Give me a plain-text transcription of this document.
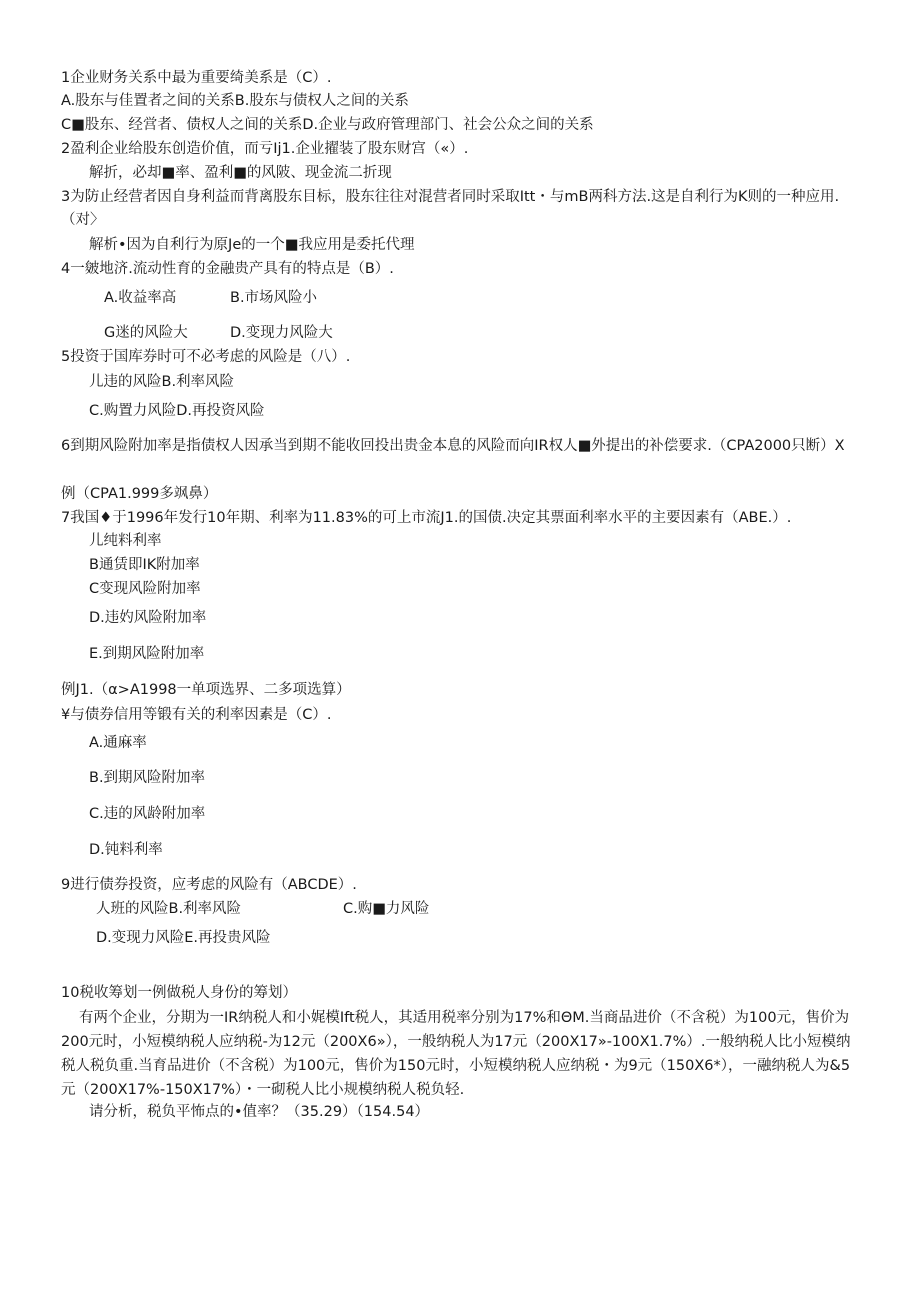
1企业财务关系中最为重要绮美系是（C）.
A.股东与佳置者之间的关系B.股东与债权人之间的关系
C■股东、经営者、债权人之间的关系D.企业与政府管理部门、社会公众之间的关系
2盈利企业给股东创造价值，而亏Ij1.企业擢装了股东财宫（«）.
解折，必却■率、盈利■的风陂、现金流二折现
3为防止经营者因自身利益而背离股东目标，股东往往对混营者同时采取Itt・与mB两科方法.这是自利行为K则的一种应用.（对〉
解析•因为自利行为原Je的一个■我应用是委托代理
4一皴地济.流动性育的金融贵产具有的特点是（B）.
A.收益率高	B.市场风险小
G迷的风险大	D.变现力风险大
5投资于国库券时可不必考虑的风险是（八）.
儿违的风险B.利率风险
C.购置力风险D.再投资风险
6到期风险附加率是指债权人因承当到期不能收回投出贵金本息的风险而向IR权人■外提出的补偿要求.（CPA2000只断）X
例（CPA1.999多飒鼻）
7我国♦于1996年发行10年期、利率为11.83%的可上市流J1.的国债.决定其票面利率水平的主要因素有（ABE.）.
儿纯料利率
B通赁即IK附加率
C变现风险附加率
D.违妁风险附加率
E.到期风险附加率
例J1.（α>A1998一单项选界、二多项选算）
¥与债券信用等锻有关的利率因素是（C）.
A.通麻率
B.到期风险附加率
C.违的风龄附加率
D.钝料利率
9进行债券投资，应考虑的风险有（ABCDE）.
人班的风险B.利率风险	C.购■力风险
D.变现力风险E.再投贵风险
10税收筹划一例做税人身份的筹划）
有两个企业，分期为一IR纳税人和小娓模Ift税人，其适用税率分别为17%和ΘM.当商品进价（不含税）为100元，售价为200元时，小短模纳税人应纳税-为12元（200X6»），一般纳税人为17元（200X17»-100X1.7%）.一般纳税人比小短模纳税人税负重.当育品进价（不含税）为100元，售价为150元时，小短模纳税人应纳税・为9元（150X6*），一融纳税人为&5元（200X17%-150X17%）・一砌税人比小规模纳税人税负轻.
请分析，税负平怖点的•值率？（35.29）（154.54）
